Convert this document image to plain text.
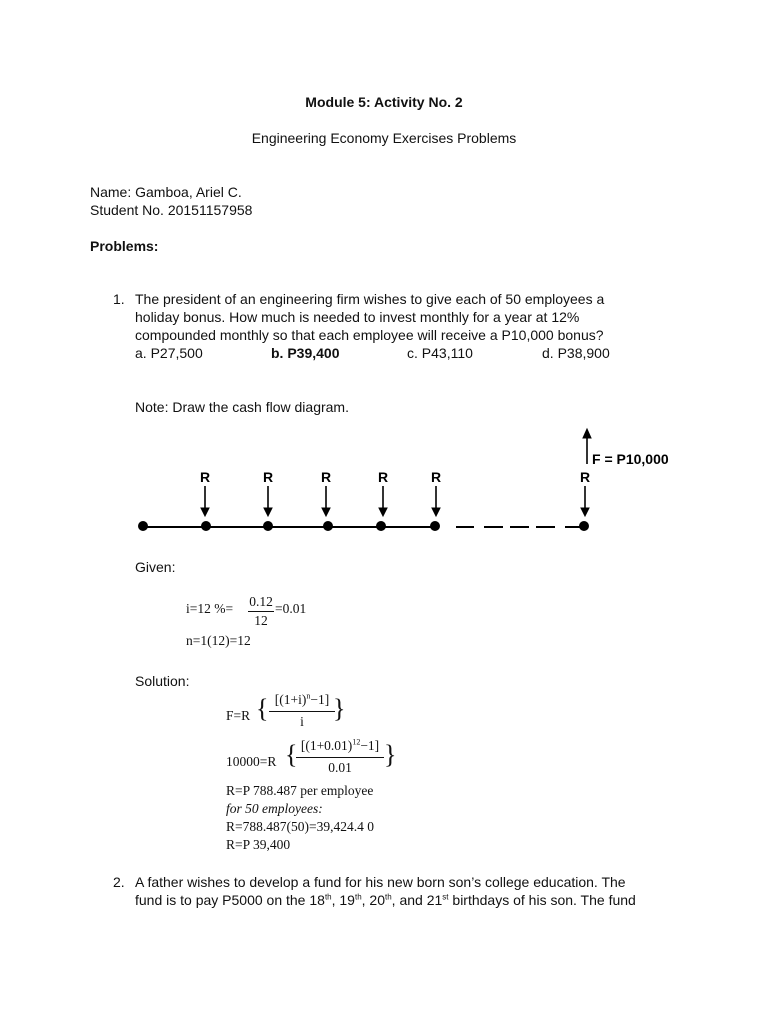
Module 5: Activity No. 2
Engineering Economy Exercises Problems
Name: Gamboa, Ariel C.
Student No. 20151157958
Problems:
1. The president of an engineering firm wishes to give each of 50 employees a
holiday bonus. How much is needed to invest monthly for a year at 12%
compounded monthly so that each employee will receive a P10,000 bonus?
a. P27,500	b. P39,400	c. P43,110	d. P38,900
Note: Draw the cash flow diagram.
R	R	R	R	R	R
F = P10,000
Given:
i=12 %= 0.12
12
=0.01
n=1(12)=12
Solution:
F=R { $[(1+i)^n-1]$
i	}
10000=R { $[(1+0.01)^{12}-1]$
0.01	}
R=P 788.487 per employee
for 50 employees:
R=788.487(50)=39,424.4 0
R=P 39,400
2. A father wishes to develop a fund for his new born son’s college education. The
fund is to pay P5000 on the 18th, 19th, 20th, and 21st birthdays of his son. The fund
